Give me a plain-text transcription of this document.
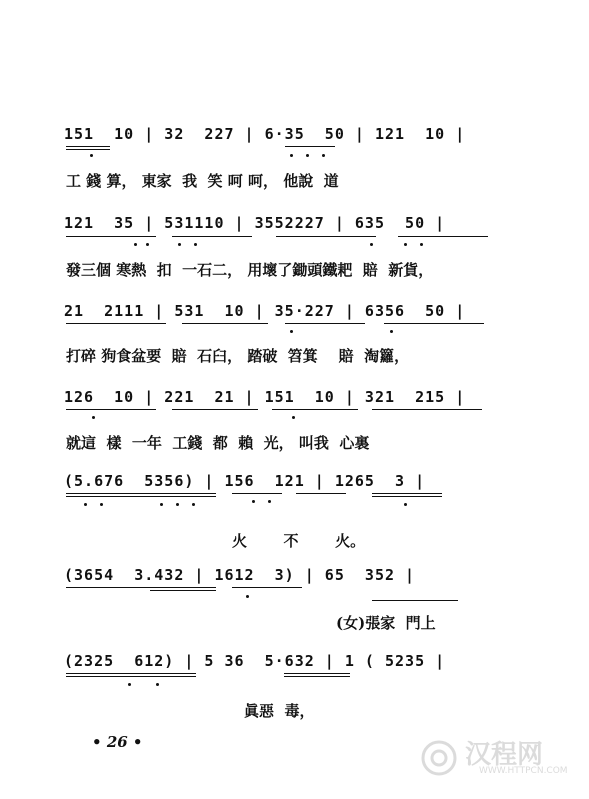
151  10 | 32  227 | 6·35  50 | 121  10 |
工 錢 算， 東家  我  笑 呵 呵， 他說  道
121  35 | 531110 | 3552227 | 635  50 |
發三個 寒熱  扣  一石二， 用壞了鋤頭鐵耙  賠  新貨，
21  2111 | 531  10 | 35·227 | 6356  50 |
打碎 狗食盆要  賠  石臼， 踏破  笤箕    賠  淘籮，
126  10 | 221  21 | 151  10 | 321  215 |
就這  樣  一年  工錢  都  賴  光， 叫我  心裏
(5.676  5356) | 156  121 | 1265  3 |
火       不       火。
(3654  3.432 | 1612  3) | 65  352 |
(女)張家  門上
(2325  612) | 5 36  5·632 | 1 ( 5235 |
眞惡  毒，
• 26 •	汉程网
WWW.HTTPCN.COM
